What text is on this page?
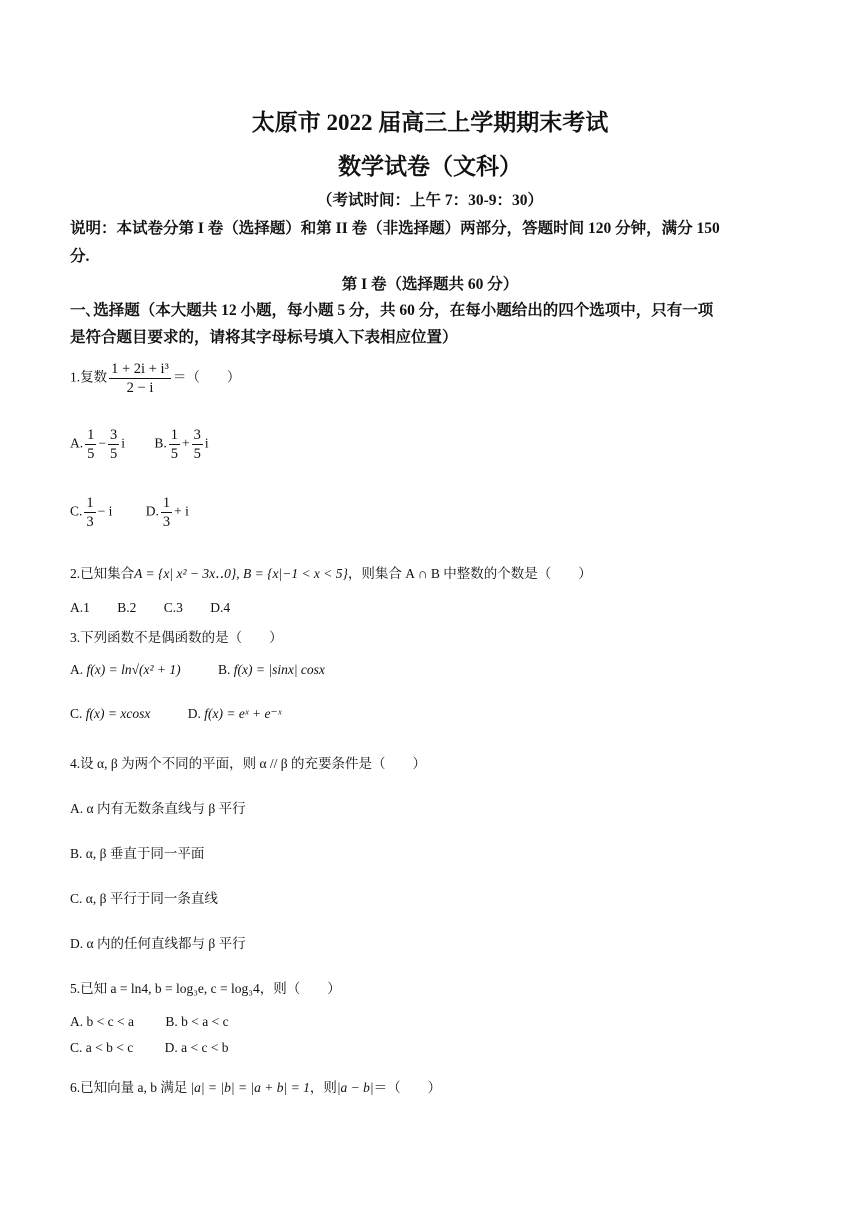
太原市 2022 届高三上学期期末考试
数学试卷（文科）
（考试时间：上午 7：30-9：30）
说明：本试卷分第 I 卷（选择题）和第 II 卷（非选择题）两部分，答题时间 120 分钟，满分 150
分.
第 I 卷（选择题共 60 分）
一､选择题（本大题共 12 小题，每小题 5 分，共 60 分，在每小题给出的四个选项中，只有一项
是符合题目要求的，请将其字母标号填入下表相应位置）
1.复数 $\frac{\text{1 + 2i + i³}}{2 - i}$ ＝（　　）
A. $\frac{1}{5} - \frac{3}{5}$ i B. $\frac{1}{5} + \frac{3}{5}$ i
C. $\frac{1}{3} - i$ D. $\frac{1}{3} + i$
2.已知集合A = {x| x² − 3x‥0}, B = {x|−1 < x < 5}，则集合 A ∩ B 中整数的个数是（　　）
A.1 B.2 C.3 D.4
3.下列函数不是偶函数的是（　　）
A. f(x) = ln√(x² + 1)	B. f(x) = |sinx| cosx
C. f(x) = xcosx	D. f(x) = eˣ + e⁻ˣ
4.设 α, β 为两个不同的平面，则 α // β 的充要条件是（　　）
A. α 内有无数条直线与 β 平行
B. α, β 垂直于同一平面
C. α, β 平行于同一条直线
D. α 内的任何直线都与 β 平行
5.已知 a = ln4, b = log₃e, c = log₃4，则（　　）
A. b < c < a B. b < a < c
C. a < b < c D. a < c < b
6.已知向量 a, b 满足 |a| = |b| = |a + b| = 1，则|a − b|＝（　　）
